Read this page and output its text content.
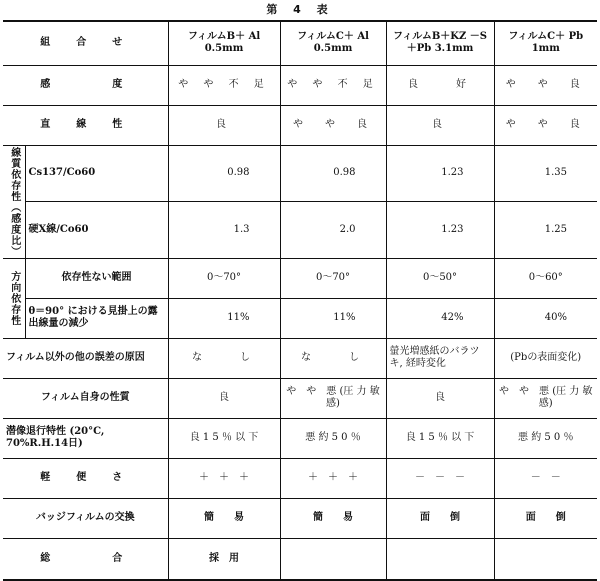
第 4 表
組　合　せ		フィルムB＋ Al 0.5mm	フィルムC＋ Al 0.5mm	フィルムB＋KZ －S＋Pb 3.1mm	フィルムC＋ Pb 1mm
感　　　度		や や 不 足	や や 不 足	良　　好	や　や　良
直　線　性		良	や　や　良	良	や　や　良
線質依存性（感度比）	Cs137/Co60	0.98	0.98	1.23	1.35
	硬X線/Co60	1.3	2.0	1.23	1.25
方向依存性	依存性ない範囲	0～70°	0～70°	0～50°	0～60°
	θ＝90° における見掛上の露出線量の減少	11%	11%	42%	40%
フィルム以外の他の誤差の原因		な　　し	な　　し	螢光増感紙のバラツキ, 経時変化	(Pbの表面変化)
フィルム自身の性質		良	や　や　悪 (圧 力 敏 感)	良	や　や　悪 (圧 力 敏 感)
潜像退行特性 (20°C, 70%R.H.14日)		良 1 5 ％ 以 下	悪 約 5 0 ％	良 1 5 ％ 以 下	悪 約 5 0 ％
軽　便　さ		＋　＋　＋	＋　＋　＋	－　－　－	－　－
バッジフィルムの交換		簡　　易	簡　　易	面　　倒	面　　倒
総　　　合		採　用			
